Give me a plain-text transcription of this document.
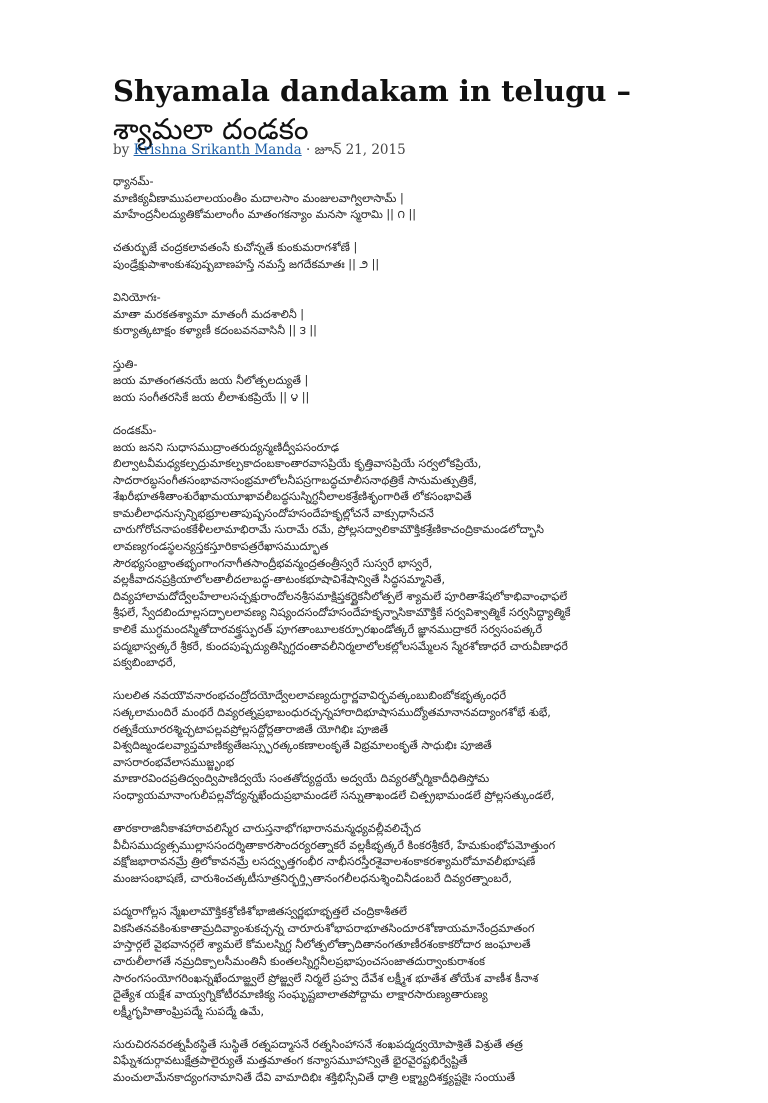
Shyamala dandakam in telugu – శ్యామలా దండకం
by Krishna Srikanth Manda · జూన్ 21, 2015

ధ్యానమ్-
మాణిక్యవీణాముపలాలయంతీం మదాలసాం మంజులవాగ్విలాసామ్ |
మాహేంద్రనీలద్యుతికోమలాంగీం మాతంగకన్యాం మనసా స్మరామి || ౧ ||

చతుర్భుజే చంద్రకలావతంసే కుచోన్నతే కుంకుమరాగశోణే |
పుండ్రేక్షుపాశాంకుశపుష్పబాణహస్తే నమస్తే జగదేకమాతః || ౨ ||

వినియోగః-
మాతా మరకతశ్యామా మాతంగీ మదశాలినీ |
కుర్యాత్కటాక్షం కళ్యాణీ కదంబవనవాసినీ || ౩ ||

స్తుతి-
జయ మాతంగతనయే జయ నీలోత్పలద్యుతే |
జయ సంగీతరసికే జయ లీలాశుకప్రియే || ౪ ||

దండకమ్-
జయ జనని సుధాసముద్రాంతరుద్యన్మణిద్వీపసంరూఢ
బిల్వాటవీమధ్యకల్పద్రుమాకల్పకాదంబకాంతారవాసప్రియే కృత్తివాసప్రియే సర్వలోకప్రియే,
సాదరారబ్ధసంగీతసంభావనాసంభ్రమాలోలనీపస్రగాబద్ధచూలీసనాథత్రికే సానుమత్పుత్రికే,
శేఖరీభూతశీతాంశురేఖామయూఖావలీబద్ధసుస్నిగ్ధనీలాలకశ్రేణిశృంగారితే లోకసంభావితే
కామలీలాధనుస్సన్నిభభ్రూలతాపుష్పసందోహసందేహకృల్లోచనే వాక్సుధాసేచనే
చారుగోరోచనాపంకకేళీలలామాభిరామే సురామే రమే, ప్రోల్లసద్వాలికామౌక్తికశ్రేణికాచంద్రికామండలోద్భాసి
లావణ్యగండస్థలన్యస్తకస్తూరికాపత్రరేఖాసముద్భూత
సౌరభ్యసంభ్రాంతభృంగాంగనాగీతసాంద్రీభవన్మంద్రతంత్రీస్వరే సుస్వరే భాస్వరే,
వల్లకీవాదనప్రక్రియాలోలతాలీదలాబద్ధ-తాటంకభూషావిశేషాన్వితే సిద్ధసమ్మానితే,
దివ్యహాలామదోద్వేలహేలాలసచ్చక్షురాందోలనశ్రీసమాక్షిప్తకర్ణైకనీలోత్పలే శ్యామలే పూరితాశేషలోకాభివాంఛాఫలే
శ్రీఫలే, స్వేదబిందూల్లసద్ఫాలలావణ్య నిష్యందసందోహసందేహకృన్నాసికామౌక్తికే సర్వవిశ్వాత్మికే సర్వసిద్ధ్యాత్మికే
కాలికే ముగ్ధమందస్మితోదారవక్త్రస్ఫురత్ పూగతాంబూలకర్పూరఖండోత్కరే జ్ఞానముద్రాకరే సర్వసంపత్కరే
పద్మభాస్వత్కరే శ్రీకరే, కుందపుష్పద్యుతిస్నిగ్ధదంతావలీనిర్మలాలోలకల్లోలసమ్మేలన స్మేరశోణాధరే చారువీణాధరే
పక్వబింబాధరే,

సులలిత నవయౌవనారంభచంద్రోదయోద్వేలలావణ్యదుగ్ధార్ణవావిర్భవత్కంబుబింబోకభృత్కంధరే
సత్కలామందిరే మంథరే దివ్యరత్నప్రభాబంధురచ్ఛన్నహారాదిభూషాసముద్యోతమానానవద్యాంగశోభే శుభే,
రత్నకేయూరరశ్మిచ్ఛటాపల్లవప్రోల్లసద్దోర్లతారాజితే యోగిభిః పూజితే
విశ్వదిఙ్మండలవ్యాప్తమాణిక్యతేజస్స్ఫురత్కంకణాలంకృతే విభ్రమాలంకృతే సాధుభిః పూజితే
వాసరారంభవేలాసముజ్జృంభ
మాణారవిందప్రతిద్వంద్విపాణిద్వయే సంతతోద్యద్దయే అద్వయే దివ్యరత్నోర్మికాదీధితిస్తోమ
సంధ్యాయమానాంగులీపల్లవోద్యన్నఖేందుప్రభామండలే సన్నుతాఖండలే చిత్ప్రభామండలే ప్రోల్లసత్కుండలే,

తారకారాజినీకాశహారావలిస్మేర చారుస్తనాభోగభారానమన్మధ్యవల్లీవలిచ్ఛేద
వీచీసముద్యత్సముల్లాససందర్శితాకారసౌందర్యరత్నాకరే వల్లకీభృత్కరే కింకరశ్రీకరే, హేమకుంభోపమోత్తుంగ
వక్షోజభారావనమ్రే త్రిలోకావనమ్రే లసద్వృత్తగంభీర నాభీసరస్తీరశైవాలశంకాకరశ్యామరోమావలీభూషణే
మంజుసంభాషణే, చారుశించత్కటీసూత్రనిర్భర్త్సితానంగలీలధనుశ్శించినీడంబరే దివ్యరత్నాంబరే,

పద్మరాగోల్లస న్మేఖలామౌక్తికశ్రోణిశోభాజితస్వర్ణభూభృత్తలే చంద్రికాశీతలే
వికసితనవకింశుకాతామ్రదివ్యాంశుకచ్ఛన్న చారూరుశోభాపరాభూతసిందూరశోణాయమానేంద్రమాతంగ
హస్తార్గలే వైభవానర్గలే శ్యామలే కోమలస్నిగ్ధ నీలోత్పలోత్పాదితానంగతూణీరశంకాకరోదార జంఘాలతే
చారులీలాగతే నమ్రదిక్పాలసీమంతినీ కుంతలస్నిగ్ధనీలప్రభాపుంచసంజాతదుర్వాంకురాశంక
సారంగసంయోగరింఖన్నఖేందూజ్జ్వలే ప్రోజ్జ్వలే నిర్మలే ప్రహ్వ దేవేశ లక్ష్మీశ భూతేశ తోయేశ వాణీశ కీనాశ
దైత్యేశ యక్షేశ వాయ్వగ్నికోటీరమాణిక్య సంఘృష్టబాలాతపోద్దామ లాక్షారసారుణ్యతారుణ్య
లక్ష్మీగృహితాంఘ్రిపద్మే సుపద్మే ఉమే,

సురుచిరనవరత్నపీఠస్థితే సుస్థితే రత్నపద్మాసనే రత్నసింహాసనే శంఖపద్మద్వయోపాశ్రితే విశ్రుతే తత్ర
విఘ్నేశదుర్గావటుక్షేత్రపాలైర్యుతే మత్తమాతంగ కన్యాసమూహాన్వితే భైరవైరష్టభిర్వేష్టితే
మంచులామేనకాద్యంగనామానితే దేవి వామాదిభిః శక్తిభిస్సేవితే ధాత్రి లక్ష్మ్యాదిశక్త్యష్టకైః సంయుతే
